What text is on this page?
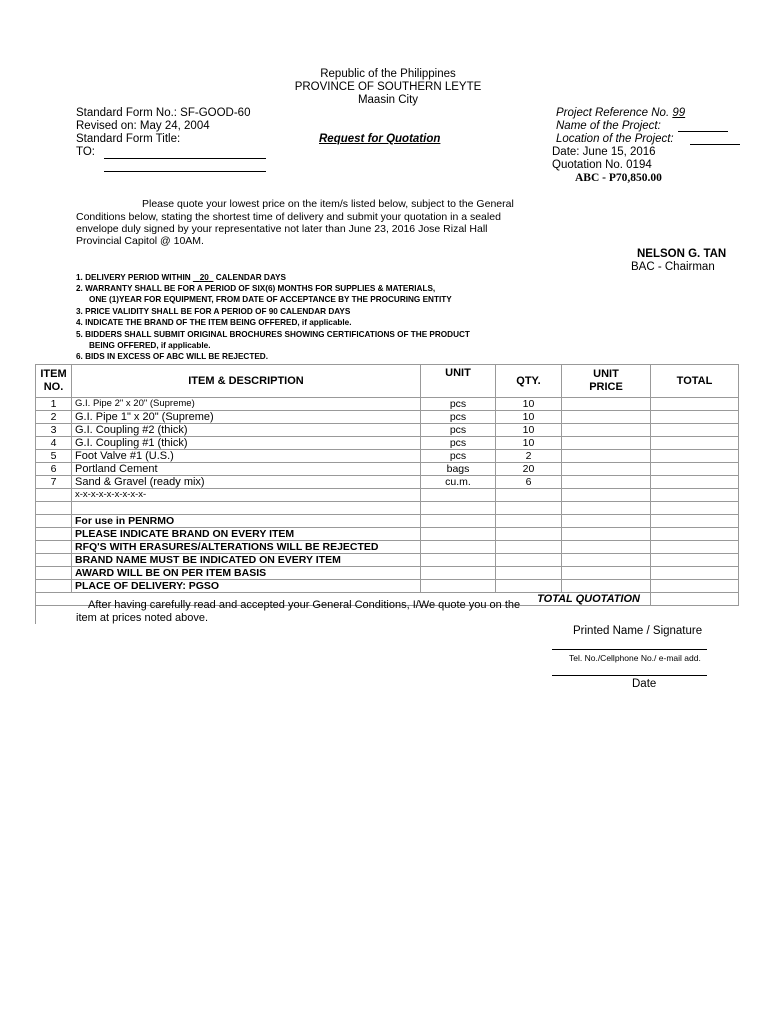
Republic of the Philippines
PROVINCE OF SOUTHERN LEYTE
Maasin City
Standard Form No.: SF-GOOD-60
Revised on: May 24, 2004
Standard Form Title:
TO:
Request for Quotation
Project Reference No. 99
Name of the Project:
Location of the Project:
Date: June 15, 2016
Quotation No. 0194
ABC - P70,850.00
Please quote your lowest price on the item/s listed below, subject to the General
Conditions below, stating the shortest time of delivery and submit your quotation in a sealed
envelope duly signed by your representative not later than June 23, 2016 Jose Rizal Hall
Provincial Capitol @ 10AM.
NELSON G. TAN
BAC - Chairman
1. DELIVERY PERIOD WITHIN    20   CALENDAR DAYS
2. WARRANTY SHALL BE FOR A PERIOD OF SIX(6) MONTHS FOR SUPPLIES & MATERIALS,
ONE (1)YEAR FOR EQUIPMENT, FROM DATE OF ACCEPTANCE BY THE PROCURING ENTITY
3. PRICE VALIDITY SHALL BE FOR A PERIOD OF 90 CALENDAR DAYS
4. INDICATE THE BRAND OF THE ITEM BEING OFFERED, if applicable.
5. BIDDERS SHALL SUBMIT ORIGINAL BROCHURES SHOWING CERTIFICATIONS OF THE PRODUCT
BEING OFFERED, if applicable.
6. BIDS IN EXCESS OF ABC WILL BE REJECTED.
ITEM
NO.	ITEM & DESCRIPTION	UNIT	QTY.	UNIT
PRICE	TOTAL
1	G.I. Pipe 2" x 20" (Supreme)	pcs	10		
2	G.I. Pipe 1" x 20" (Supreme)	pcs	10		
3	G.I. Coupling #2 (thick)	pcs	10		
4	G.I. Coupling #1 (thick)	pcs	10		
5	Foot Valve #1 (U.S.)	pcs	2		
6	Portland Cement	bags	20		
7	Sand & Gravel (ready mix)	cu.m.	6		
	x-x-x-x-x-x-x-x-x-				

	For use in PENRMO				
	PLEASE INDICATE BRAND ON EVERY ITEM				
	RFQ'S WITH ERASURES/ALTERATIONS WILL BE REJECTED				
	BRAND NAME MUST BE INDICATED ON EVERY ITEM				
	AWARD WILL BE ON PER ITEM BASIS				
	PLACE OF DELIVERY: PGSO				
TOTAL QUOTATION					
After having carefully read and accepted your General Conditions, I/We quote you on the
item at prices noted above.
Printed Name / Signature
Tel. No./Cellphone No./ e-mail add.
Date
